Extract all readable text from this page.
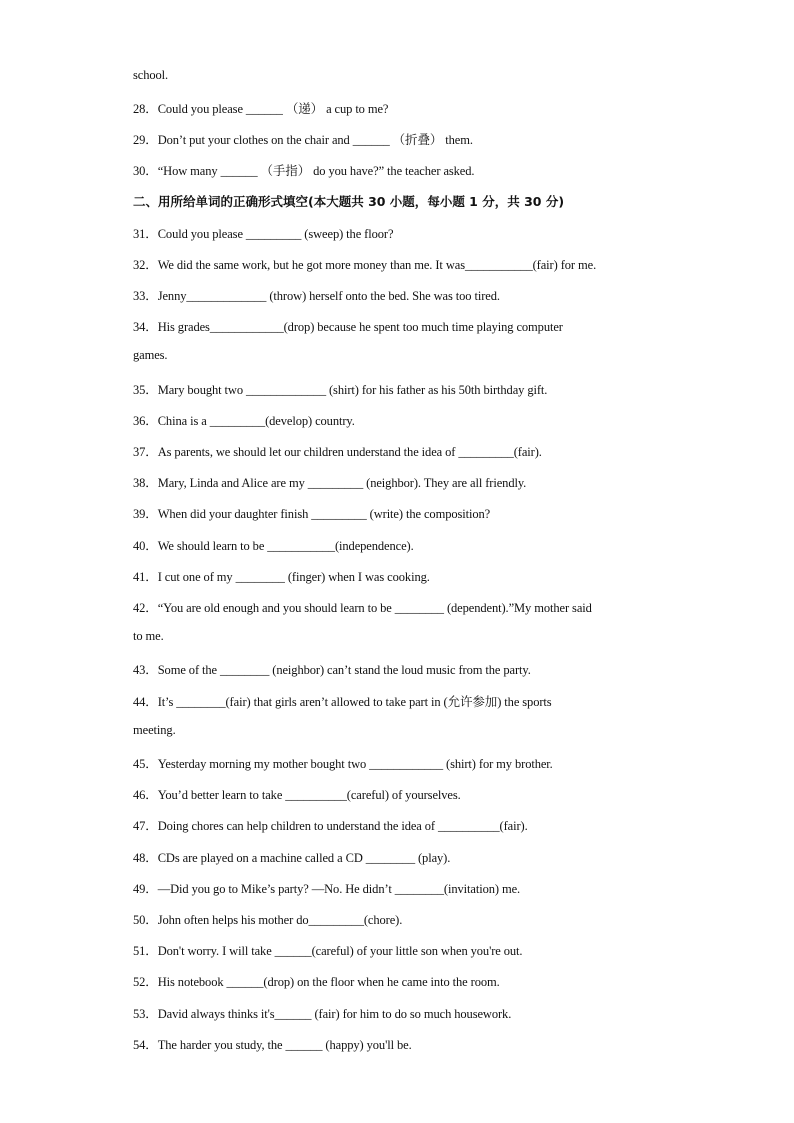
school.
28．Could you please ______ （递） a cup to me?
29．Don’t put your clothes on the chair and ______ （折叠） them.
30．“How many ______ （手指） do you have?” the teacher asked.
二、用所给单词的正确形式填空(本大题共 30 小题，每小题 1 分，共 30 分)
31．Could you please _________ (sweep) the floor?
32．We did the same work, but he got more money than me. It was___________(fair) for me.
33．Jenny_____________ (throw) herself onto the bed. She was too tired.
34．His grades____________(drop) because he spent too much time playing computer
games.
35．Mary bought two _____________ (shirt) for his father as his 50th birthday gift.
36．China is a _________(develop) country.
37．As parents, we should let our children understand the idea of _________(fair).
38．Mary, Linda and Alice are my _________ (neighbor). They are all friendly.
39．When did your daughter finish _________ (write) the composition?
40．We should learn to be ___________(independence).
41．I cut one of my ________ (finger) when I was cooking.
42．“You are old enough and you should learn to be ________ (dependent).”My mother said
to me.
43．Some of the ________ (neighbor) can’t stand the loud music from the party.
44．It’s ________(fair) that girls aren’t allowed to take part in (允许参加) the sports
meeting.
45．Yesterday morning my mother bought two ____________ (shirt) for my brother.
46．You’d better learn to take __________(careful) of yourselves.
47．Doing chores can help children to understand the idea of __________(fair).
48．CDs are played on a machine called a CD ________ (play).
49．—Did you go to Mike’s party? —No. He didn’t ________(invitation) me.
50．John often helps his mother do_________(chore).
51．Don't worry. I will take ______(careful) of your little son when you're out.
52．His notebook ______(drop) on the floor when he came into the room.
53．David always thinks it's______ (fair) for him to do so much housework.
54．The harder you study, the ______ (happy) you'll be.
